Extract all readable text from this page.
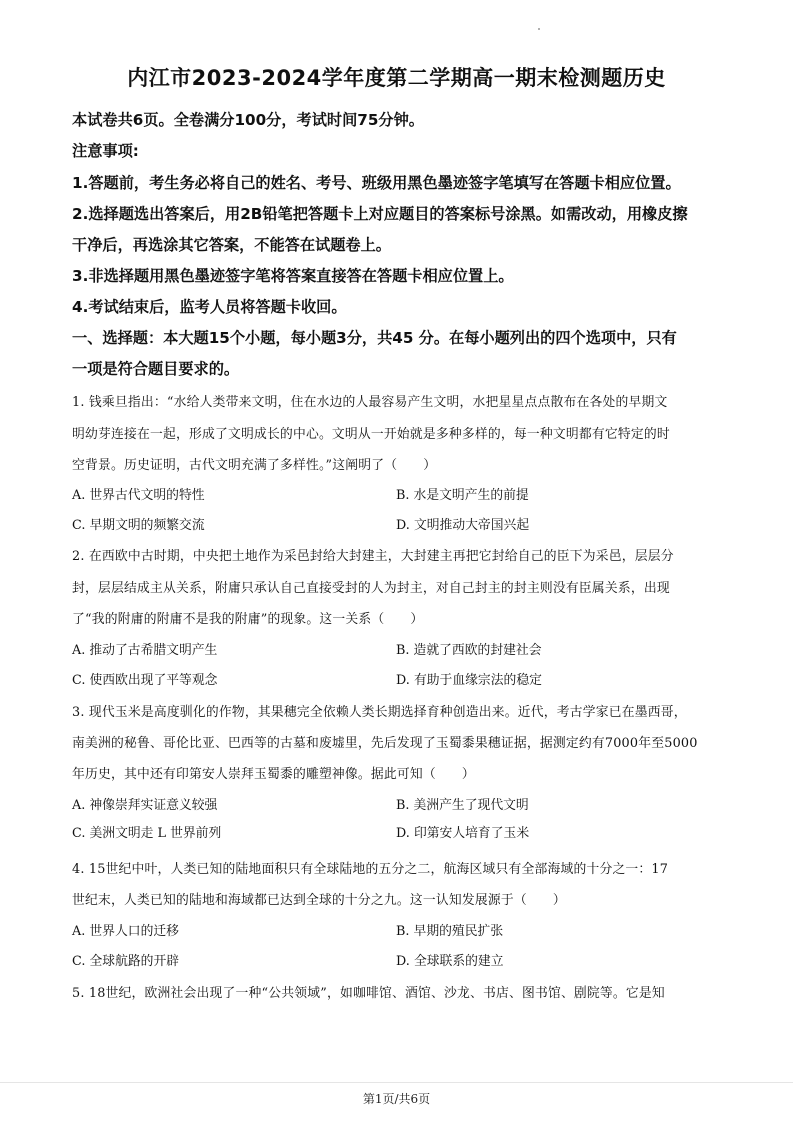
内江市2023-2024学年度第二学期高一期末检测题历史
本试卷共6页。全卷满分100分，考试时间75分钟。
注意事项:
1.答题前，考生务必将自己的姓名、考号、班级用黑色墨迹签字笔填写在答题卡相应位置。
2.选择题选出答案后，用2B铅笔把答题卡上对应题目的答案标号涂黑。如需改动，用橡皮擦
干净后，再选涂其它答案，不能答在试题卷上。
3.非选择题用黑色墨迹签字笔将答案直接答在答题卡相应位置上。
4.考试结束后，监考人员将答题卡收回。
一、选择题：本大题15个小题，每小题3分，共45 分。在每小题列出的四个选项中，只有
一项是符合题目要求的。
1. 钱乘旦指出：“水给人类带来文明，住在水边的人最容易产生文明，水把星星点点散布在各处的早期文
明幼芽连接在一起，形成了文明成长的中心。文明从一开始就是多种多样的，每一种文明都有它特定的时
空背景。历史证明，古代文明充满了多样性。”这阐明了（　　）
A. 世界古代文明的特性	B. 水是文明产生的前提
C. 早期文明的频繁交流	D. 文明推动大帝国兴起
2. 在西欧中古时期，中央把土地作为采邑封给大封建主，大封建主再把它封给自己的臣下为采邑，层层分
封，层层结成主从关系，附庸只承认自己直接受封的人为封主，对自己封主的封主则没有臣属关系，出现
了“我的附庸的附庸不是我的附庸”的现象。这一关系（　　）
A. 推动了古希腊文明产生	B. 造就了西欧的封建社会
C. 使西欧出现了平等观念	D. 有助于血缘宗法的稳定
3. 现代玉米是高度驯化的作物，其果穗完全依赖人类长期选择育种创造出来。近代，考古学家已在墨西哥，
南美洲的秘鲁、哥伦比亚、巴西等的古墓和废墟里，先后发现了玉蜀黍果穗证据，据测定约有7000年至5000
年历史，其中还有印第安人崇拜玉蜀黍的雕塑神像。据此可知（　　）
A. 神像崇拜实证意义较强	B. 美洲产生了现代文明
C. 美洲文明走 L 世界前列	D. 印第安人培育了玉米
4. 15世纪中叶，人类已知的陆地面积只有全球陆地的五分之二，航海区域只有全部海域的十分之一：17
世纪末，人类已知的陆地和海域都已达到全球的十分之九。这一认知发展源于（　　）
A. 世界人口的迁移	B. 早期的殖民扩张
C. 全球航路的开辟	D. 全球联系的建立
5. 18世纪，欧洲社会出现了一种“公共领域”，如咖啡馆、酒馆、沙龙、书店、图书馆、剧院等。它是知
第1页/共6页
